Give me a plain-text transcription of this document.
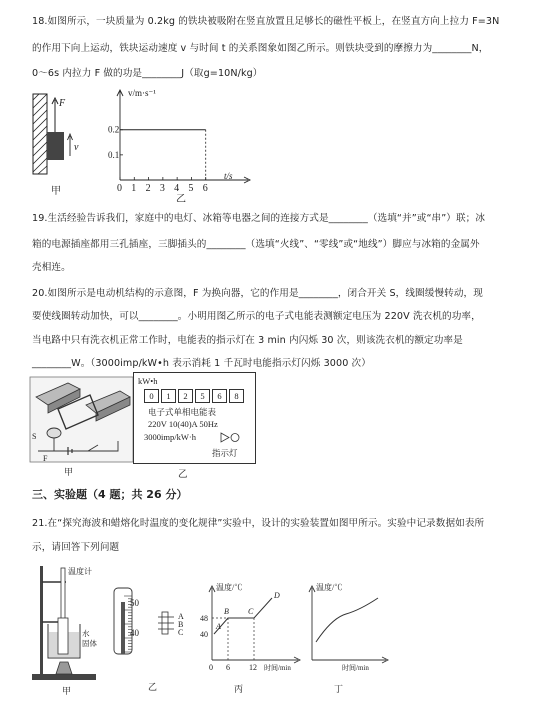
18.如图所示，一块质量为 0.2kg 的铁块被吸附在竖直放置且足够长的磁性平板上，在竖直方向上拉力 F=3N
的作用下向上运动，铁块运动速度 v 与时间 t 的关系图象如图乙所示。则铁块受到的摩擦力为________N，
0～6s 内拉力 F 做的功是________J（取g=10N/kg）
F
v
甲	0 1 2 3 4 5 6
0.1
0.2
v/m·s⁻¹
t/s
乙
19.生活经验告诉我们，家庭中的电灯、冰箱等电器之间的连接方式是________（选填“并”或“串”）联；冰
箱的电源插座都用三孔插座，三脚插头的________（选填“火线”、“零线”或“地线”）脚应与冰箱的金属外
壳相连。
20.如图所示是电动机结构的示意图，F 为换向器，它的作用是________，闭合开关 S，线圈缓慢转动，现
要使线圈转动加快，可以________。小明用图乙所示的电子式电能表测额定电压为 220V 洗衣机的功率，
当电路中只有洗衣机正常工作时，电能表的指示灯在 3 min 内闪烁 30 次，则该洗衣机的额定功率是
________W。（3000imp/kW•h 表示消耗 1 千瓦时电能指示灯闪烁 3000 次）
S
F
甲
kW•h
0	1	2	5	6	8
电子式单相电能表
220V 10(40)A 50Hz
3000imp/kW·h
指示灯
乙
三、实验题（4 题；共 26 分）
21.在“探究海波和蜡熔化时温度的变化规律”实验中，设计的实验装置如图甲所示。实验中记录数据如表所
示，请回答下列问题
温度计
水
固体
甲
50
40
A
B
C
乙
温度/℃
48
40
0 6 12 时间/min
A
B C
D
丙
温度/℃
时间/min
丁
